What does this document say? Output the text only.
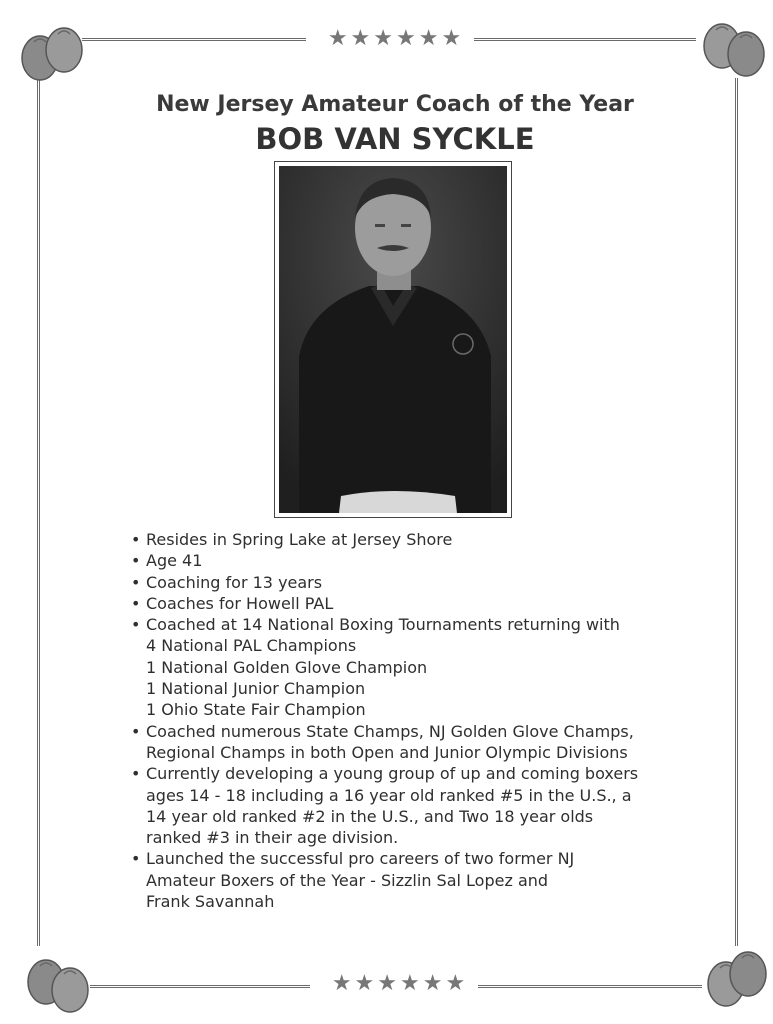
★★★★★★
★★★★★★
New Jersey Amateur Coach of the Year
BOB VAN SYCKLE
• Resides in Spring Lake at Jersey Shore
• Age 41
• Coaching for 13 years
• Coaches for Howell PAL
• Coached at 14 National Boxing Tournaments returning with
4 National PAL Champions
1 National Golden Glove Champion
1 National Junior Champion
1 Ohio State Fair Champion
• Coached numerous State Champs, NJ Golden Glove Champs,
Regional Champs in both Open and Junior Olympic Divisions
• Currently developing a young group of up and coming boxers
ages 14 - 18 including a 16 year old ranked #5 in the U.S., a
14 year old ranked #2 in the U.S., and Two 18 year olds
ranked #3 in their age division.
• Launched the successful pro careers of two former NJ
Amateur Boxers of the Year - Sizzlin Sal Lopez and
Frank Savannah
